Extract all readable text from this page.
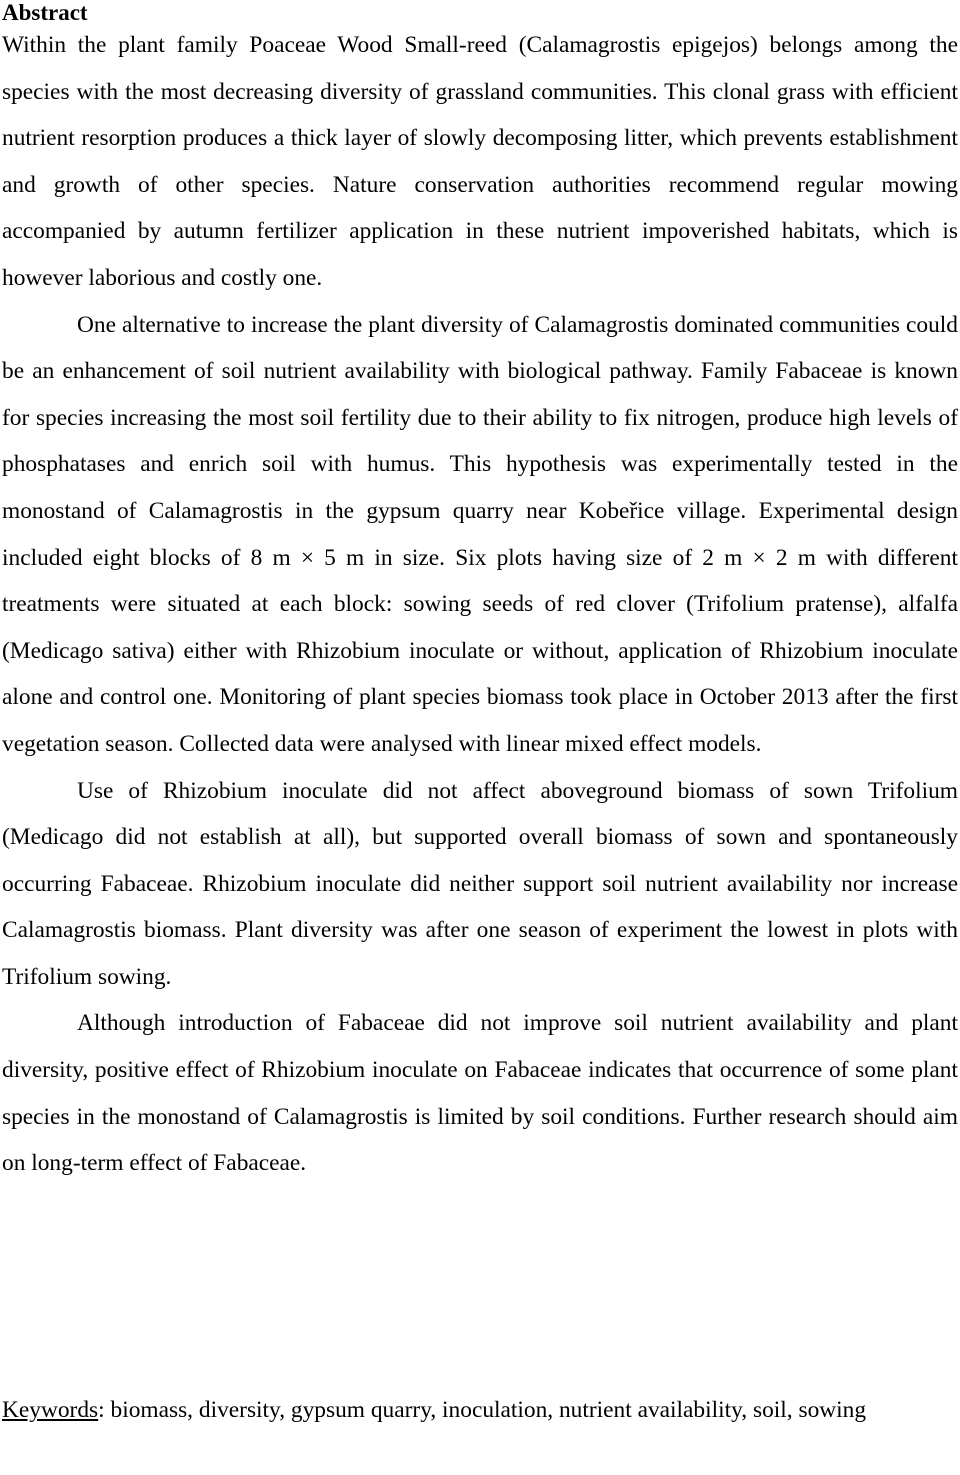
Abstract

Within the plant family Poaceae Wood Small-reed (Calamagrostis epigejos) belongs among the species with the most decreasing diversity of grassland communities. This clonal grass with efficient nutrient resorption produces a thick layer of slowly decomposing litter, which prevents establishment and growth of other species. Nature conservation authorities recommend regular mowing accompanied by autumn fertilizer application in these nutrient impoverished habitats, which is however laborious and costly one.

One alternative to increase the plant diversity of Calamagrostis dominated communities could be an enhancement of soil nutrient availability with biological pathway. Family Fabaceae is known for species increasing the most soil fertility due to their ability to fix nitrogen, produce high levels of phosphatases and enrich soil with humus. This hypothesis was experimentally tested in the monostand of Calamagrostis in the gypsum quarry near Kobeřice village. Experimental design included eight blocks of 8 m × 5 m in size. Six plots having size of 2 m × 2 m with different treatments were situated at each block: sowing seeds of red clover (Trifolium pratense), alfalfa (Medicago sativa) either with Rhizobium inoculate or without, application of Rhizobium inoculate alone and control one. Monitoring of plant species biomass took place in October 2013 after the first vegetation season. Collected data were analysed with linear mixed effect models.

Use of Rhizobium inoculate did not affect aboveground biomass of sown Trifolium (Medicago did not establish at all), but supported overall biomass of sown and spontaneously occurring Fabaceae. Rhizobium inoculate did neither support soil nutrient availability nor increase Calamagrostis biomass. Plant diversity was after one season of experiment the lowest in plots with Trifolium sowing.

Although introduction of Fabaceae did not improve soil nutrient availability and plant diversity, positive effect of Rhizobium inoculate on Fabaceae indicates that occurrence of some plant species in the monostand of Calamagrostis is limited by soil conditions. Further research should aim on long-term effect of Fabaceae.

Keywords: biomass, diversity, gypsum quarry, inoculation, nutrient availability, soil, sowing
